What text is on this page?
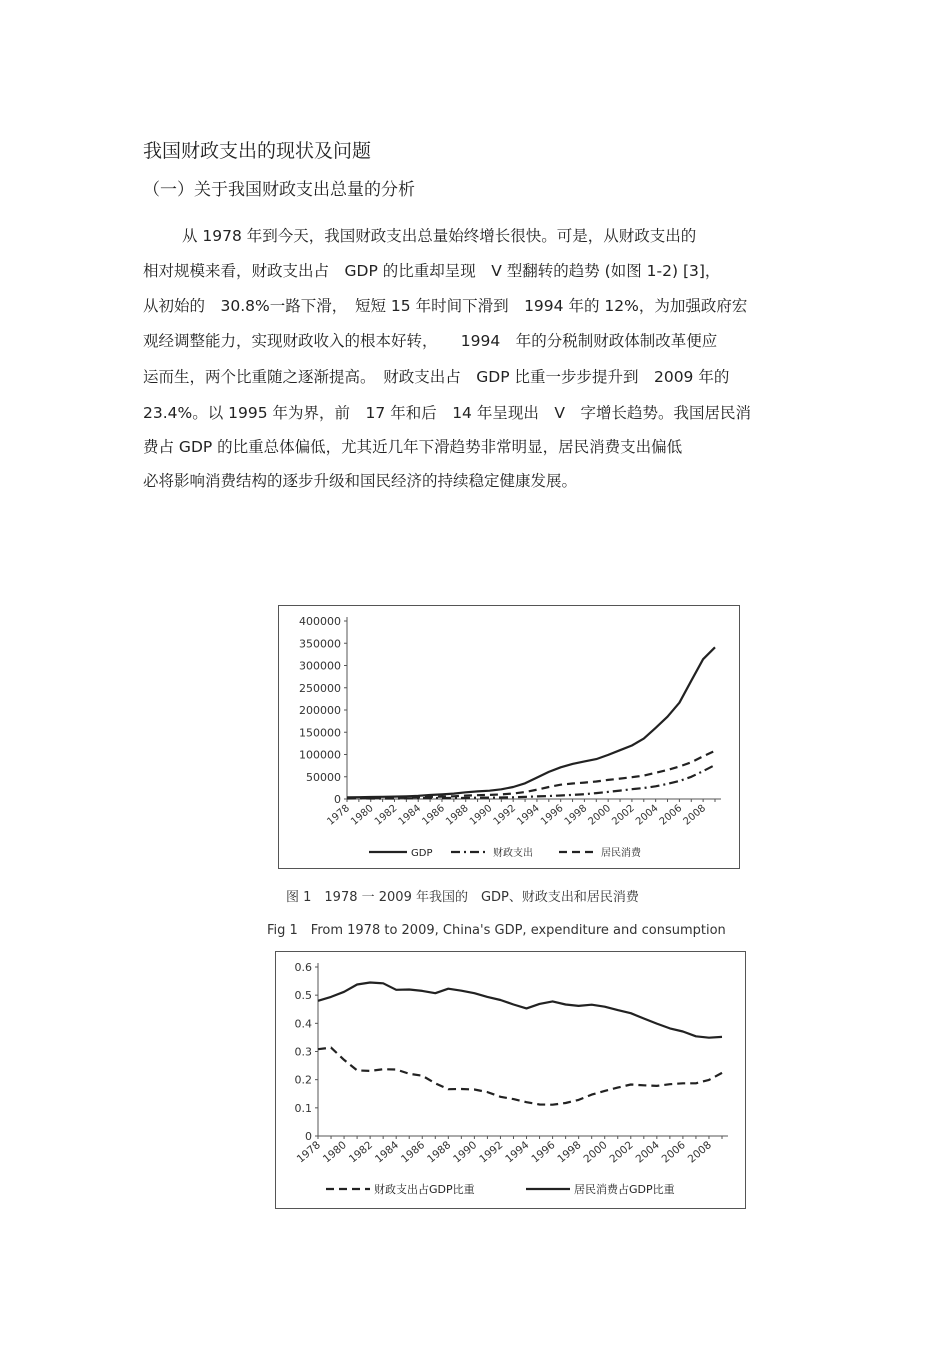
我国财政支出的现状及问题
（一）关于我国财政支出总量的分析
从 1978 年到今天，我国财政支出总量始终增长很快。可是，从财政支出的
相对规模来看，财政支出占　GDP 的比重却呈现　V 型翻转的趋势 (如图 1-2) [3]，
从初始的　30.8%一路下滑，　短短 15 年时间下滑到　1994 年的 12%，为加强政府宏
观经调整能力，实现财政收入的根本好转，　　1994　年的分税制财政体制改革便应
运而生，两个比重随之逐渐提高。　财政支出占　GDP 比重一步步提升到　2009 年的
23.4%。以 1995 年为界，前　17 年和后　14 年呈现出　V　字增长趋势。我国居民消
费占 GDP 的比重总体偏低，尤其近几年下滑趋势非常明显，居民消费支出偏低
必将影响消费结构的逐步升级和国民经济的持续稳定健康发展。
0
50000
100000
150000
200000
250000
300000
350000
400000
1978
1980
1982
1984
1986
1988
1990
1992
1994
1996
1998
2000
2002
2004
2006
2008
GDP	财政支出	居民消费
图 1　1978 一 2009 年我国的　GDP、财政支出和居民消费
Fig 1　From 1978 to 2009, China's GDP, expenditure and consumption
0
0.1
0.2
0.3
0.4
0.5
0.6
1978
1980
1982
1984
1986
1988
1990
1992
1994
1996
1998
2000
2002
2004
2006
2008
财政支出占GDP比重	居民消费占GDP比重
